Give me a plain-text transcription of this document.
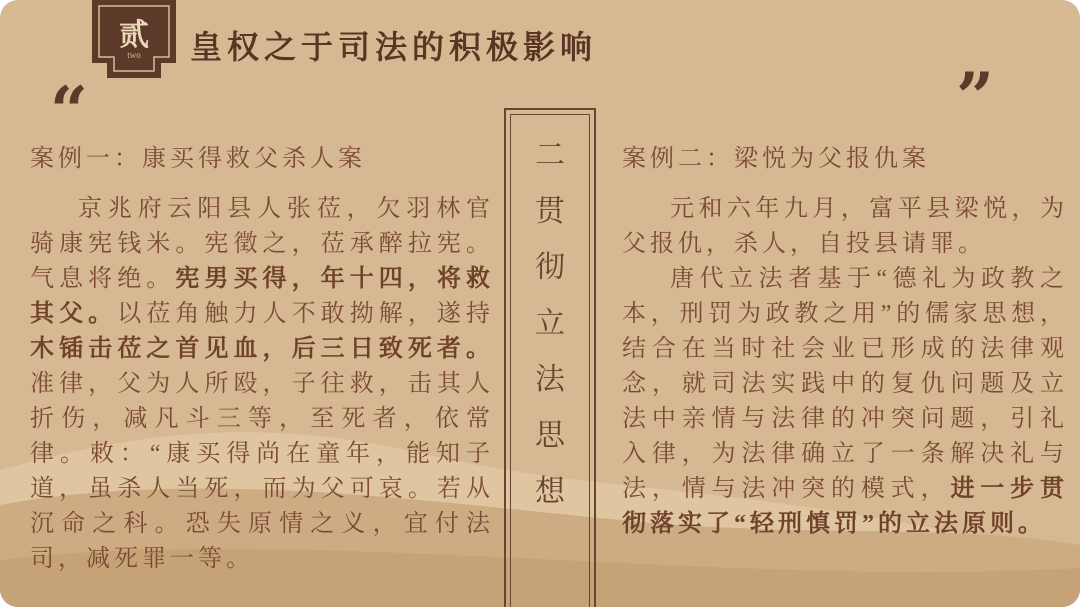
贰
two 皇权之于司法的积极影响
“	”
案例一：康买得救父杀人案

京兆府云阳县人张莅，欠羽林官骑康宪钱米。宪徵之，莅承醉拉宪。气息将绝。宪男买得，年十四，将救其父。以莅角触力人不敢拗解，遂持木锸击莅之首见血，后三日致死者。准律，父为人所殴，子往救，击其人折伤，减凡斗三等，至死者，依常律。敕：“康买得尚在童年，能知子道，虽杀人当死，而为父可哀。若从沉命之科。恐失原情之义，宜付法司，减死罪一等。

二
贯
彻
立
法
思
想
案例二：梁悦为父报仇案

元和六年九月，富平县梁悦，为父报仇，杀人，自投县请罪。

唐代立法者基于“德礼为政教之本，刑罚为政教之用”的儒家思想，结合在当时社会业已形成的法律观念，就司法实践中的复仇问题及立法中亲情与法律的冲突问题，引礼入律，为法律确立了一条解决礼与法，情与法冲突的模式，进一步贯彻落实了“轻刑慎罚”的立法原则。
